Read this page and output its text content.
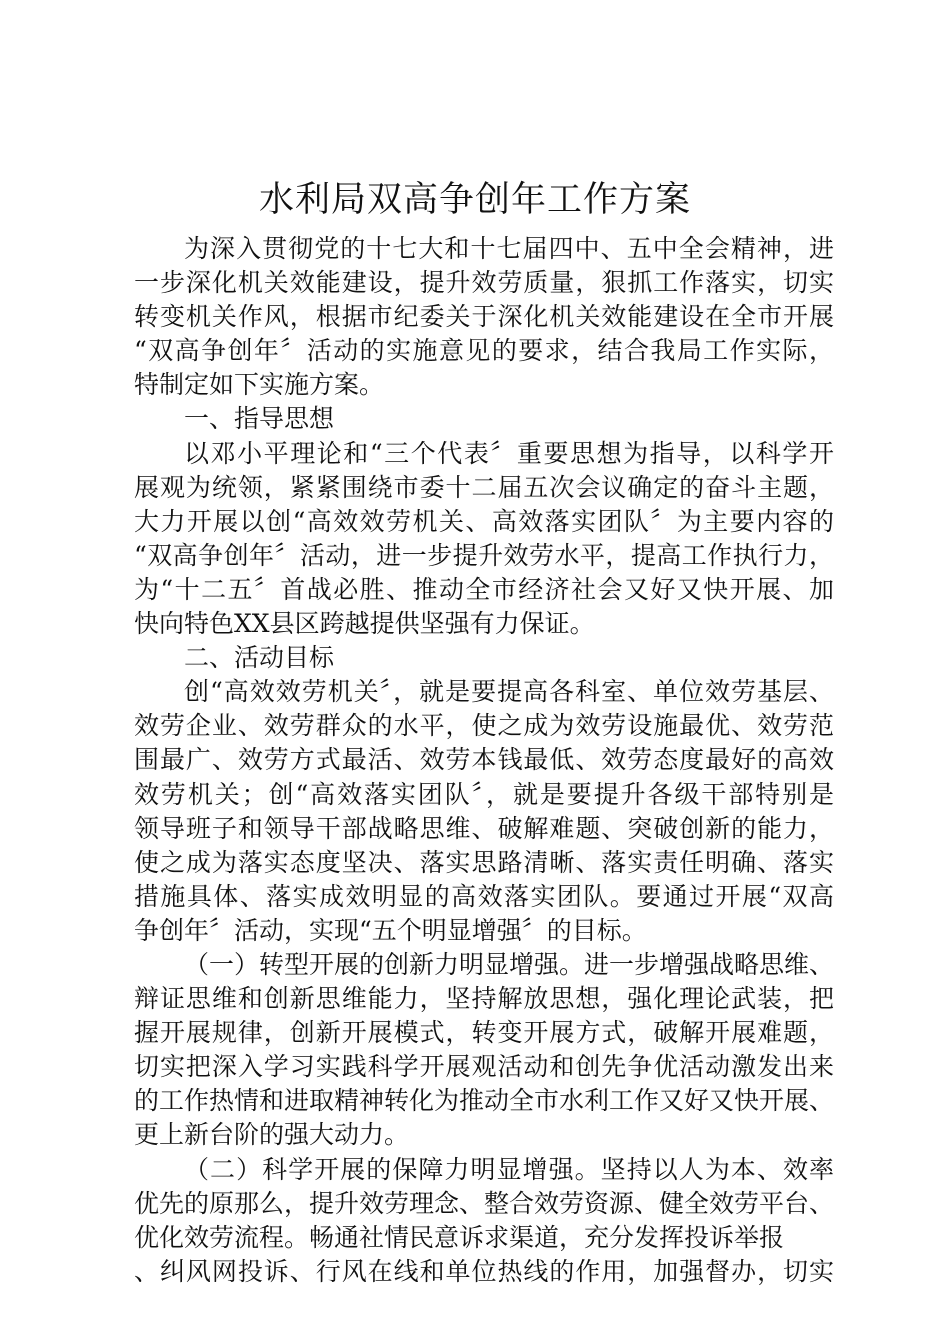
水利局双高争创年工作方案
为深入贯彻党的十七大和十七届四中、五中全会精神，进
一步深化机关效能建设，提升效劳质量，狠抓工作落实，切实
转变机关作风，根据市纪委关于深化机关效能建设在全市开展
“双高争创年〞活动的实施意见的要求，结合我局工作实际，
特制定如下实施方案。
一、指导思想
以邓小平理论和“三个代表〞重要思想为指导，以科学开
展观为统领，紧紧围绕市委十二届五次会议确定的奋斗主题，
大力开展以创“高效效劳机关、高效落实团队〞为主要内容的
“双高争创年〞活动，进一步提升效劳水平，提高工作执行力，
为“十二五〞首战必胜、推动全市经济社会又好又快开展、加
快向特色XX县区跨越提供坚强有力保证。
二、活动目标
创“高效效劳机关〞，就是要提高各科室、单位效劳基层、
效劳企业、效劳群众的水平，使之成为效劳设施最优、效劳范
围最广、效劳方式最活、效劳本钱最低、效劳态度最好的高效
效劳机关；创“高效落实团队〞，就是要提升各级干部特别是
领导班子和领导干部战略思维、破解难题、突破创新的能力，
使之成为落实态度坚决、落实思路清晰、落实责任明确、落实
措施具体、落实成效明显的高效落实团队。要通过开展“双高
争创年〞活动，实现“五个明显增强〞的目标。
（一）转型开展的创新力明显增强。进一步增强战略思维、
辩证思维和创新思维能力，坚持解放思想，强化理论武装，把
握开展规律，创新开展模式，转变开展方式，破解开展难题，
切实把深入学习实践科学开展观活动和创先争优活动激发出来
的工作热情和进取精神转化为推动全市水利工作又好又快开展、
更上新台阶的强大动力。
（二）科学开展的保障力明显增强。坚持以人为本、效率
优先的原那么，提升效劳理念、整合效劳资源、健全效劳平台、
优化效劳流程。畅通社情民意诉求渠道，充分发挥投诉举报
、纠风网投诉、行风在线和单位热线的作用，加强督办，切实
